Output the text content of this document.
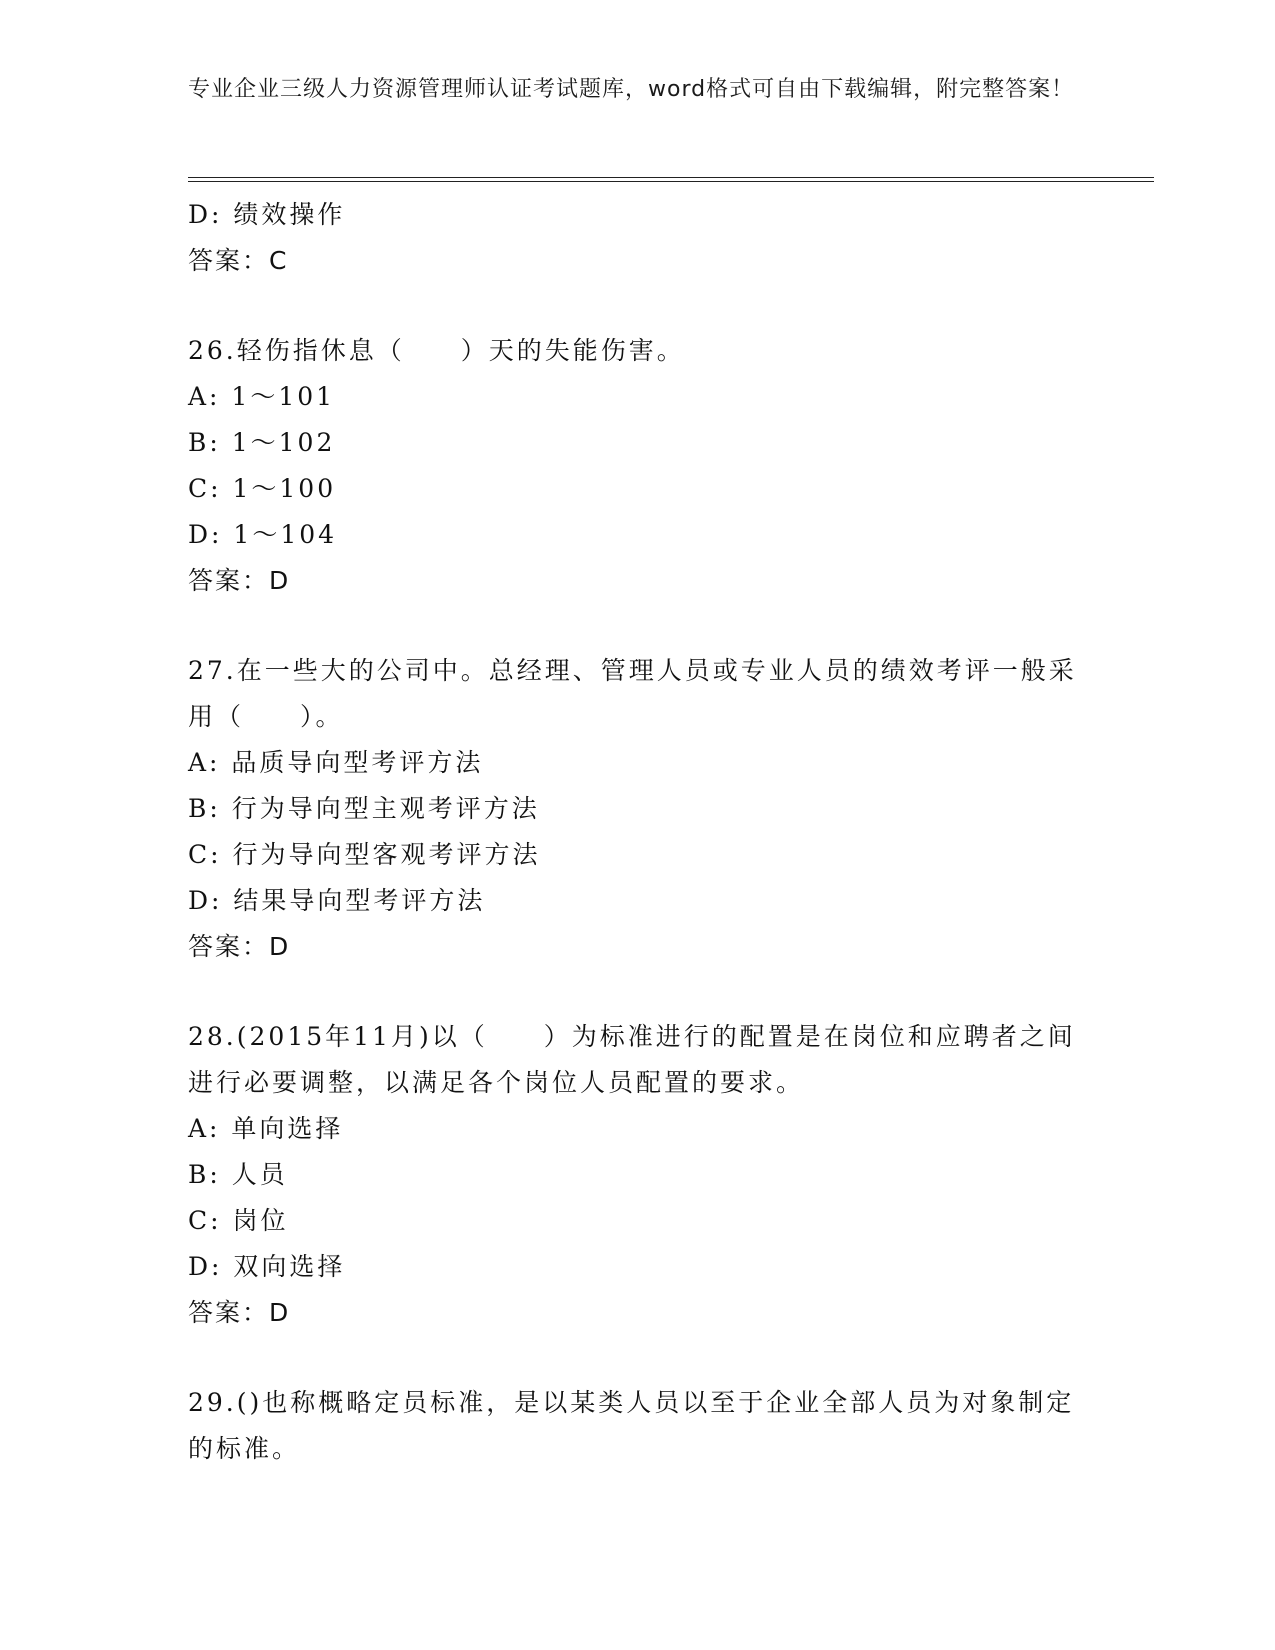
专业企业三级人力资源管理师认证考试题库，word格式可自由下载编辑，附完整答案！
D: 绩效操作
答案：C
26.轻伤指休息（　　）天的失能伤害。
A: 1～101
B: 1～102
C: 1～100
D: 1～104
答案：D
27.在一些大的公司中。总经理、管理人员或专业人员的绩效考评一般采用（　　）。
A: 品质导向型考评方法
B: 行为导向型主观考评方法
C: 行为导向型客观考评方法
D: 结果导向型考评方法
答案：D
28.(2015年11月)以（　　）为标准进行的配置是在岗位和应聘者之间进行必要调整，以满足各个岗位人员配置的要求。
A: 单向选择
B: 人员
C: 岗位
D: 双向选择
答案：D
29.()也称概略定员标准，是以某类人员以至于企业全部人员为对象制定的标准。
